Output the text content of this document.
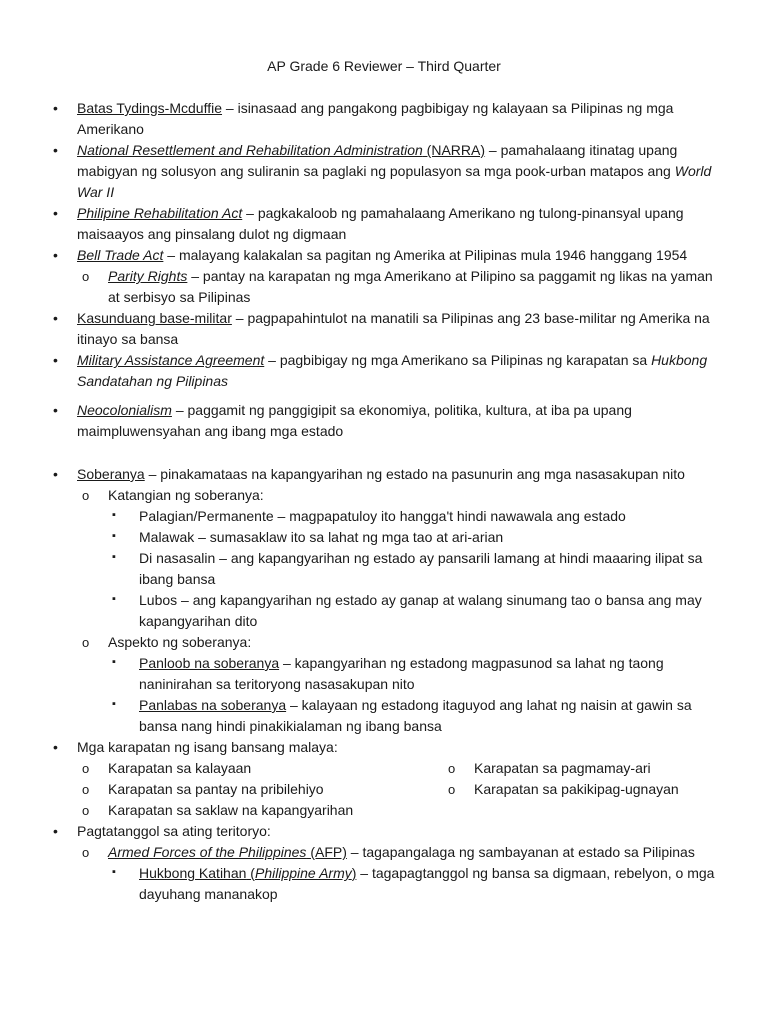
AP Grade 6 Reviewer – Third Quarter
• Batas Tydings-Mcduffie – isinasaad ang pangakong pagbibigay ng kalayaan sa Pilipinas ng mga Amerikano
• National Resettlement and Rehabilitation Administration (NARRA) – pamahalaang itinatag upang mabigyan ng solusyon ang suliranin sa paglaki ng populasyon sa mga pook-urban matapos ang World War II
• Philipine Rehabilitation Act – pagkakaloob ng pamahalaang Amerikano ng tulong-pinansyal upang maisaayos ang pinsalang dulot ng digmaan
• Bell Trade Act – malayang kalakalan sa pagitan ng Amerika at Pilipinas mula 1946 hanggang 1954
o Parity Rights – pantay na karapatan ng mga Amerikano at Pilipino sa paggamit ng likas na yaman at serbisyo sa Pilipinas
• Kasunduang base-militar – pagpapahintulot na manatili sa Pilipinas ang 23 base-militar ng Amerika na itinayo sa bansa
• Military Assistance Agreement – pagbibigay ng mga Amerikano sa Pilipinas ng karapatan sa Hukbong Sandatahan ng Pilipinas
• Neocolonialism – paggamit ng panggigipit sa ekonomiya, politika, kultura, at iba pa upang maimpluwensyahan ang ibang mga estado
• Soberanya – pinakamataas na kapangyarihan ng estado na pasunurin ang mga nasasakupan nito
o Katangian ng soberanya:
▪ Palagian/Permanente – magpapatuloy ito hangga't hindi nawawala ang estado
▪ Malawak – sumasaklaw ito sa lahat ng mga tao at ari-arian
▪ Di nasasalin – ang kapangyarihan ng estado ay pansarili lamang at hindi maaaring ilipat sa ibang bansa
▪ Lubos – ang kapangyarihan ng estado ay ganap at walang sinumang tao o bansa ang may kapangyarihan dito
o Aspekto ng soberanya:
▪ Panloob na soberanya – kapangyarihan ng estadong magpasunod sa lahat ng taong naninirahan sa teritoryong nasasakupan nito
▪ Panlabas na soberanya – kalayaan ng estadong itaguyod ang lahat ng naisin at gawin sa bansa nang hindi pinakikialaman ng ibang bansa
• Mga karapatan ng isang bansang malaya:
o Karapatan sa kalayaan	o Karapatan sa pagmamay-ari
o Karapatan sa pantay na pribilehiyo	o Karapatan sa pakikipag-ugnayan
o Karapatan sa saklaw na kapangyarihan
• Pagtatanggol sa ating teritoryo:
o Armed Forces of the Philippines (AFP) – tagapangalaga ng sambayanan at estado sa Pilipinas
▪ Hukbong Katihan (Philippine Army) – tagapagtanggol ng bansa sa digmaan, rebelyon, o mga dayuhang mananakop
